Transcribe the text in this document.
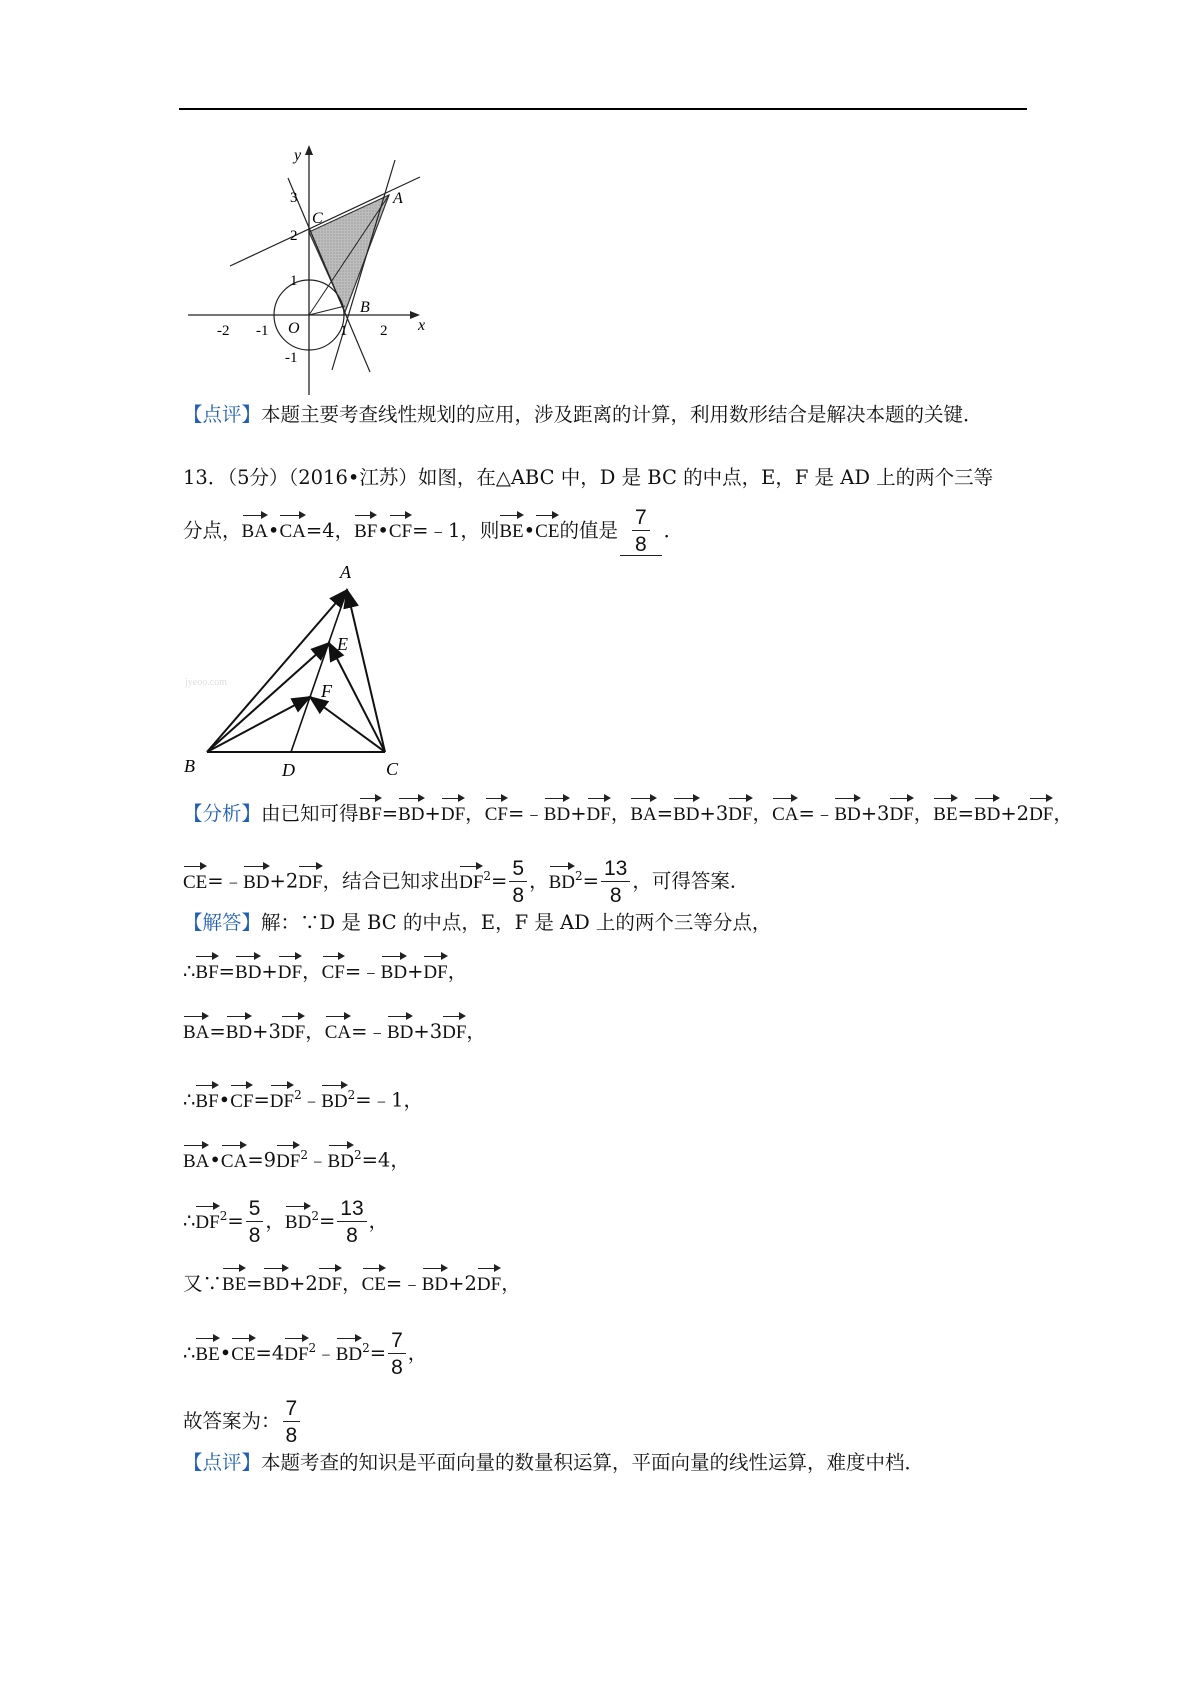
y
x
O
-2 -1	1 2
3
2
1
-1
A
B
C
【点评】本题主要考查线性规划的应用，涉及距离的计算，利用数形结合是解决本题的关键．
13．（5分）（2016•江苏）如图，在△ABC 中，D 是 BC 的中点，E，F 是 AD 上的两个三等
分点，BA•CA=4，BF•CF=﹣1，则BE•CE的值是 $\frac{7}{8}$ ．
jyeoo.com
A
E
F
B	D	C
【分析】由已知可得BF=BD+DF，CF=﹣BD+DF，BA=BD+3DF，CA=﹣BD+3DF，BE=BD+2DF，
CE=﹣BD+2DF，结合已知求出$DF^2= \frac{5}{8}$ ，$BD^2= \frac{13}{8}$ ，可得答案．
【解答】解：∵D 是 BC 的中点，E，F 是 AD 上的两个三等分点，
∴BF=BD+DF，CF=﹣BD+DF，
BA=BD+3DF，CA=﹣BD+3DF，
$\therefore BF•CF=DF^2﹣BD^2=﹣1$，
$BA•CA=9DF^2﹣BD^2=4$，
$\therefore DF^2= \frac{5}{8}$ ，$BD^2= \frac{13}{8}$ ，
又∵BE=BD+2DF，CE=﹣BD+2DF，
$\therefore BE•CE=4DF^2﹣BD^2= \frac{7}{8}$ ，
故答案为： $\frac{7}{8}$
【点评】本题考查的知识是平面向量的数量积运算，平面向量的线性运算，难度中档．
